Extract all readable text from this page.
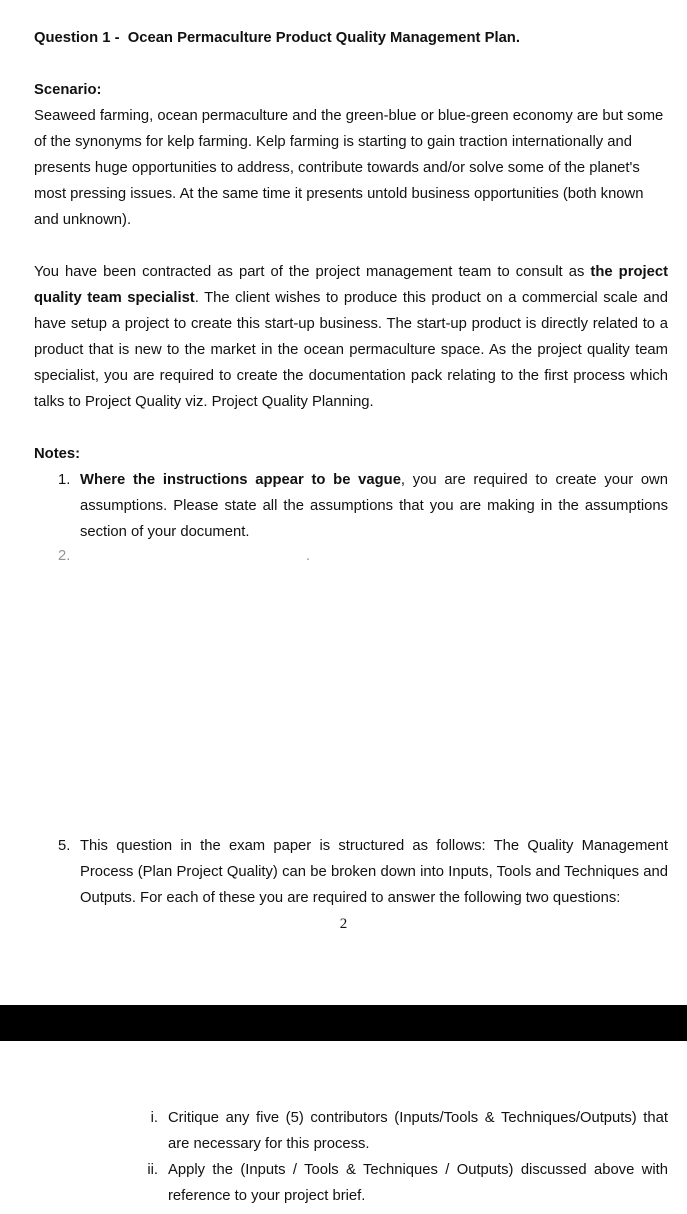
Question 1 -  Ocean Permaculture Product Quality Management Plan.
Scenario:
Seaweed farming, ocean permaculture and the green-blue or blue-green economy are but some of the synonyms for kelp farming. Kelp farming is starting to gain traction internationally and presents huge opportunities to address, contribute towards and/or solve some of the planet's most pressing issues. At the same time it presents untold business opportunities (both known and unknown).
You have been contracted as part of the project management team to consult as the project quality team specialist. The client wishes to produce this product on a commercial scale and have setup a project to create this start-up business. The start-up product is directly related to a product that is new to the market in the ocean permaculture space. As the project quality team specialist, you are required to create the documentation pack relating to the first process which talks to Project Quality viz. Project Quality Planning.
Notes:
1. Where the instructions appear to be vague, you are required to create your own assumptions. Please state all the assumptions that you are making in the assumptions section of your document.
2.	.
5. This question in the exam paper is structured as follows: The Quality Management Process (Plan Project Quality) can be broken down into Inputs, Tools and Techniques and Outputs. For each of these you are required to answer the following two questions:
2
i. Critique any five (5) contributors (Inputs/Tools & Techniques/Outputs) that are necessary for this process.
ii. Apply the (Inputs / Tools & Techniques / Outputs) discussed above with reference to your project brief.
